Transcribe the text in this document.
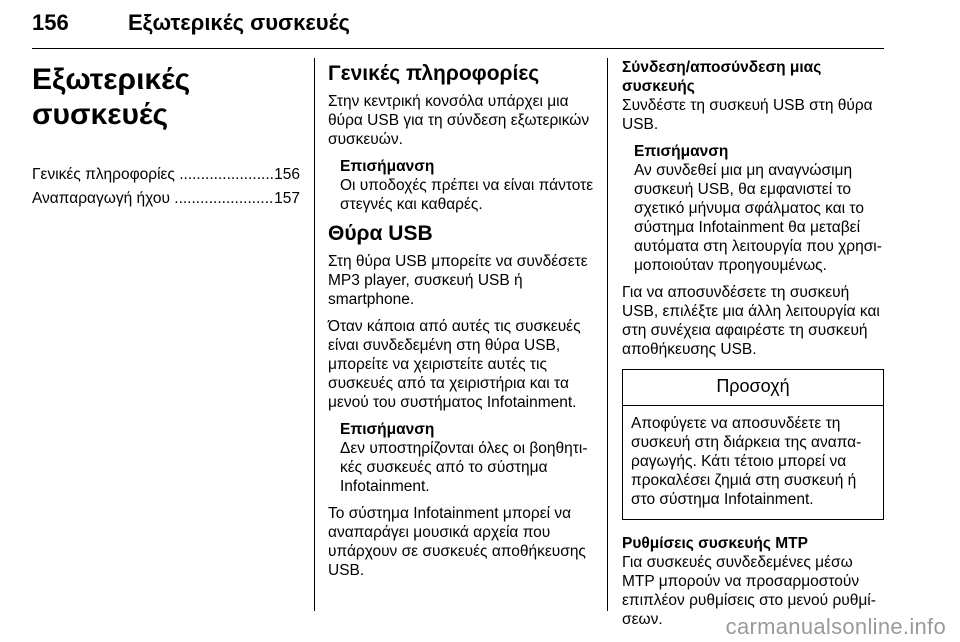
156	Εξωτερικές συσκευές
Εξωτερικές
συσκευές
Γενικές πληροφορίες .....	156
Αναπαραγωγή ήχου .....	157
Γενικές πληροφορίες

Στην κεντρική κονσόλα υπάρχει μια θύρα USB για τη σύνδεση εξωτερικών συσκευών.

Επισήμανση
Οι υποδοχές πρέπει να είναι πάντοτε στεγνές και καθαρές.
Θύρα USB

Στη θύρα USB μπορείτε να συνδέσετε MP3 player, συσκευή USB ή smartphone.

Όταν κάποια από αυτές τις συσκευές είναι συνδεδεμένη στη θύρα USB, μπορείτε να χειριστείτε αυτές τις συσκευές από τα χειριστήρια και τα μενού του συστήματος Infotainment.

Επισήμανση
Δεν υποστηρίζονται όλες οι βοηθητικές συσκευές από το σύστημα Infotainment.

Το σύστημα Infotainment μπορεί να αναπαράγει μουσικά αρχεία που υπάρχουν σε συσκευές αποθήκευσης USB.

Σύνδεση/αποσύνδεση μιας συσκευής

Συνδέστε τη συσκευή USB στη θύρα USB.

Επισήμανση
Αν συνδεθεί μια μη αναγνώσιμη συσκευή USB, θα εμφανιστεί το σχετικό μήνυμα σφάλματος και το σύστημα Infotainment θα μεταβεί αυτόματα στη λειτουργία που χρησιμοποιούταν προηγουμένως.

Για να αποσυνδέσετε τη συσκευή USB, επιλέξτε μια άλλη λειτουργία και στη συνέχεια αφαιρέστε τη συσκευή αποθήκευσης USB.

Προσοχή
Αποφύγετε να αποσυνδέετε τη συσκευή στη διάρκεια της αναπαραγωγής. Κάτι τέτοιο μπορεί να προκαλέσει ζημιά στη συσκευή ή στο σύστημα Infotainment.
Ρυθμίσεις συσκευής MTP

Για συσκευές συνδεδεμένες μέσω MTP μπορούν να προσαρμοστούν επιπλέον ρυθμίσεις στο μενού ρυθμίσεων.	carmanualsonline.info
